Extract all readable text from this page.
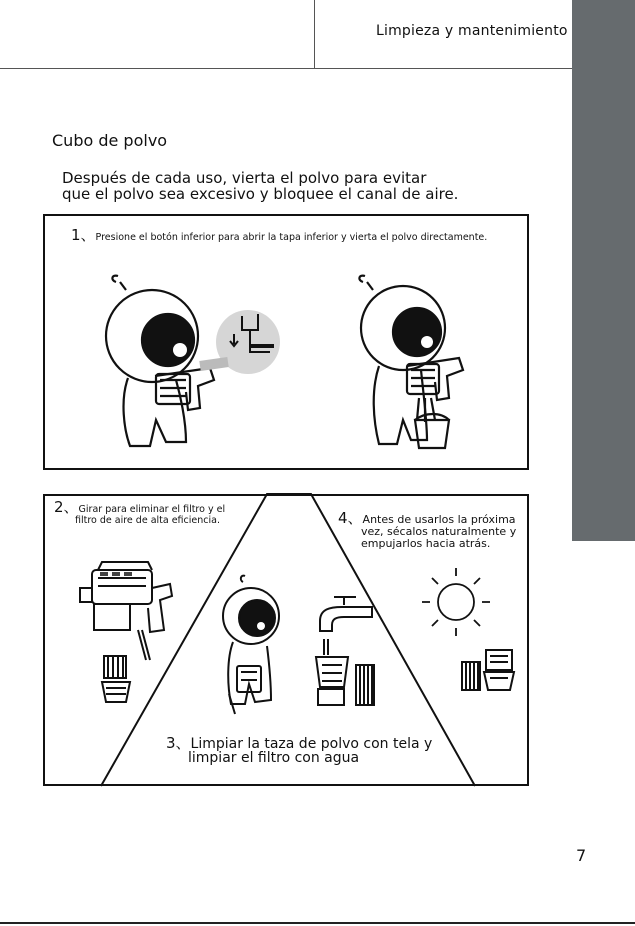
Limpieza y mantenimiento
Cubo de polvo
Después de cada uso, vierta el polvo para evitar
que el polvo sea excesivo y bloquee el canal de aire.
1、Presione el botón inferior para abrir la tapa inferior y vierta el polvo directamente.
2、Girar para eliminar el filtro y el
filtro de aire de alta eficiencia.	4、Antes de usarlos la próxima
vez, sécalos naturalmente y
empujarlos hacia atrás.
3、Limpiar la taza de polvo con tela y
limpiar el filtro con agua
7
